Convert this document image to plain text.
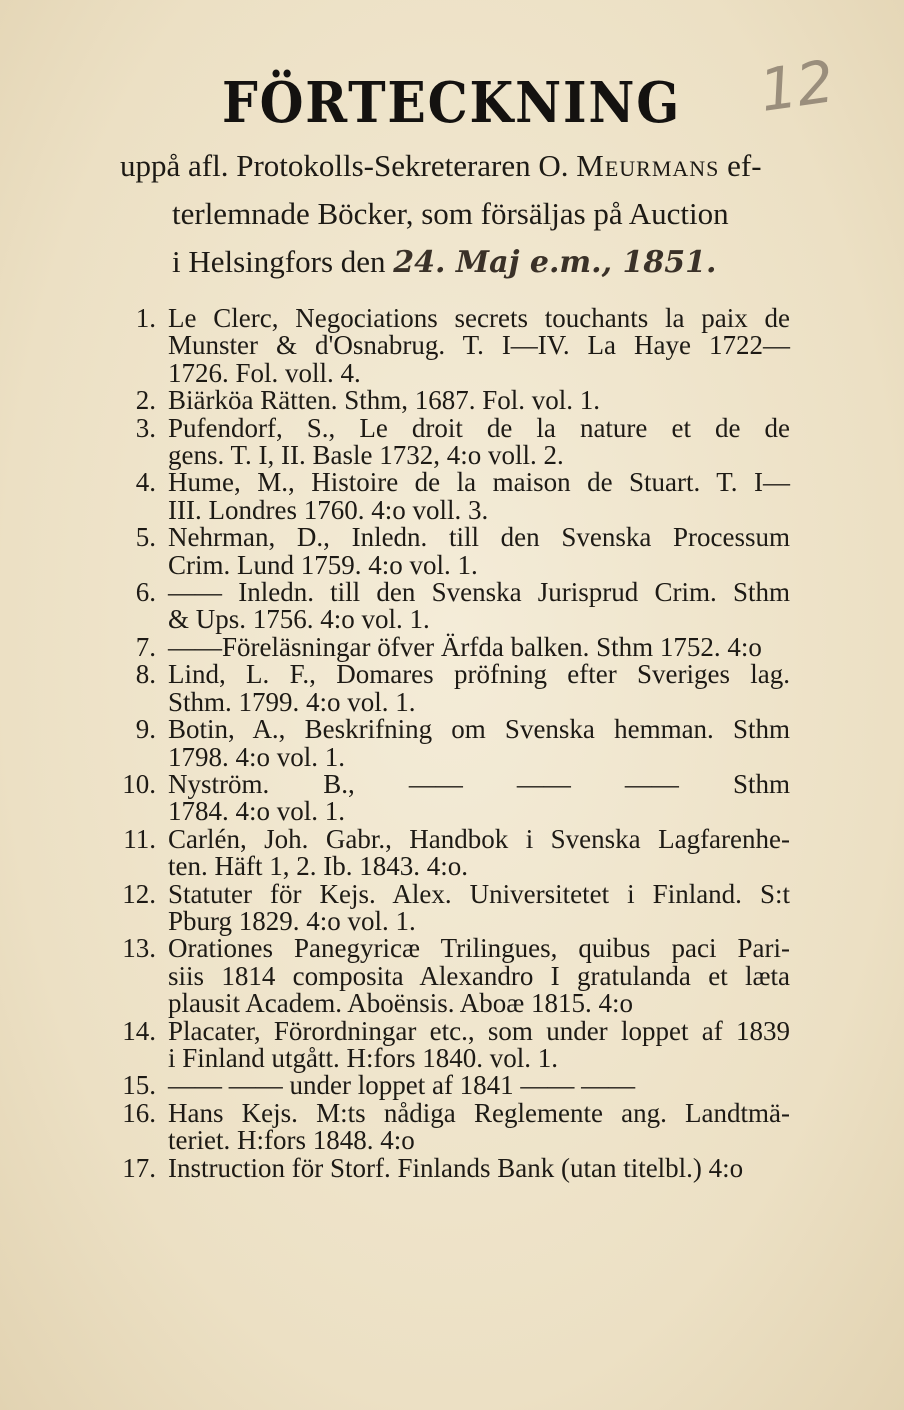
FÖRTECKNING 12
uppå afl. Protokolls-Sekreteraren O. Meurmans ef-
terlemnade Böcker, som försäljas på Auction
i Helsingfors den 24. Maj e.m., 1851.
1. Le Clerc, Negociations secrets touchants la paix de
Munster & d'Osnabrug. T. I—IV. La Haye 1722—
1726. Fol. voll. 4.
2. Biärköa Rätten. Sthm, 1687. Fol. vol. 1.
3. Pufendorf, S., Le droit de la nature et de de
gens. T. I, II. Basle 1732, 4:o voll. 2.
4. Hume, M., Histoire de la maison de Stuart. T. I—
III. Londres 1760. 4:o voll. 3.
5. Nehrman, D., Inledn. till den Svenska Processum
Crim. Lund 1759. 4:o vol. 1.
6. —— Inledn. till den Svenska Jurisprud Crim. Sthm
& Ups. 1756. 4:o vol. 1.
7. ——Föreläsningar öfver Ärfda balken. Sthm 1752. 4:o
8. Lind, L. F., Domares pröfning efter Sveriges lag.
Sthm. 1799. 4:o vol. 1.
9. Botin, A., Beskrifning om Svenska hemman. Sthm
1798. 4:o vol. 1.
10. Nyström. B., —— —— —— Sthm
1784. 4:o vol. 1.
11. Carlén, Joh. Gabr., Handbok i Svenska Lagfarenhe-
ten. Häft 1, 2. Ib. 1843. 4:o.
12. Statuter för Kejs. Alex. Universitetet i Finland. S:t
Pburg 1829. 4:o vol. 1.
13. Orationes Panegyricæ Trilingues, quibus paci Pari-
siis 1814 composita Alexandro I gratulanda et læta
plausit Academ. Aboënsis. Aboæ 1815. 4:o
14. Placater, Förordningar etc., som under loppet af 1839
i Finland utgått. H:fors 1840. vol. 1.
15. —— —— under loppet af 1841 —— ——
16. Hans Kejs. M:ts nådiga Reglemente ang. Landtmä-
teriet. H:fors 1848. 4:o
17. Instruction för Storf. Finlands Bank (utan titelbl.) 4:o
